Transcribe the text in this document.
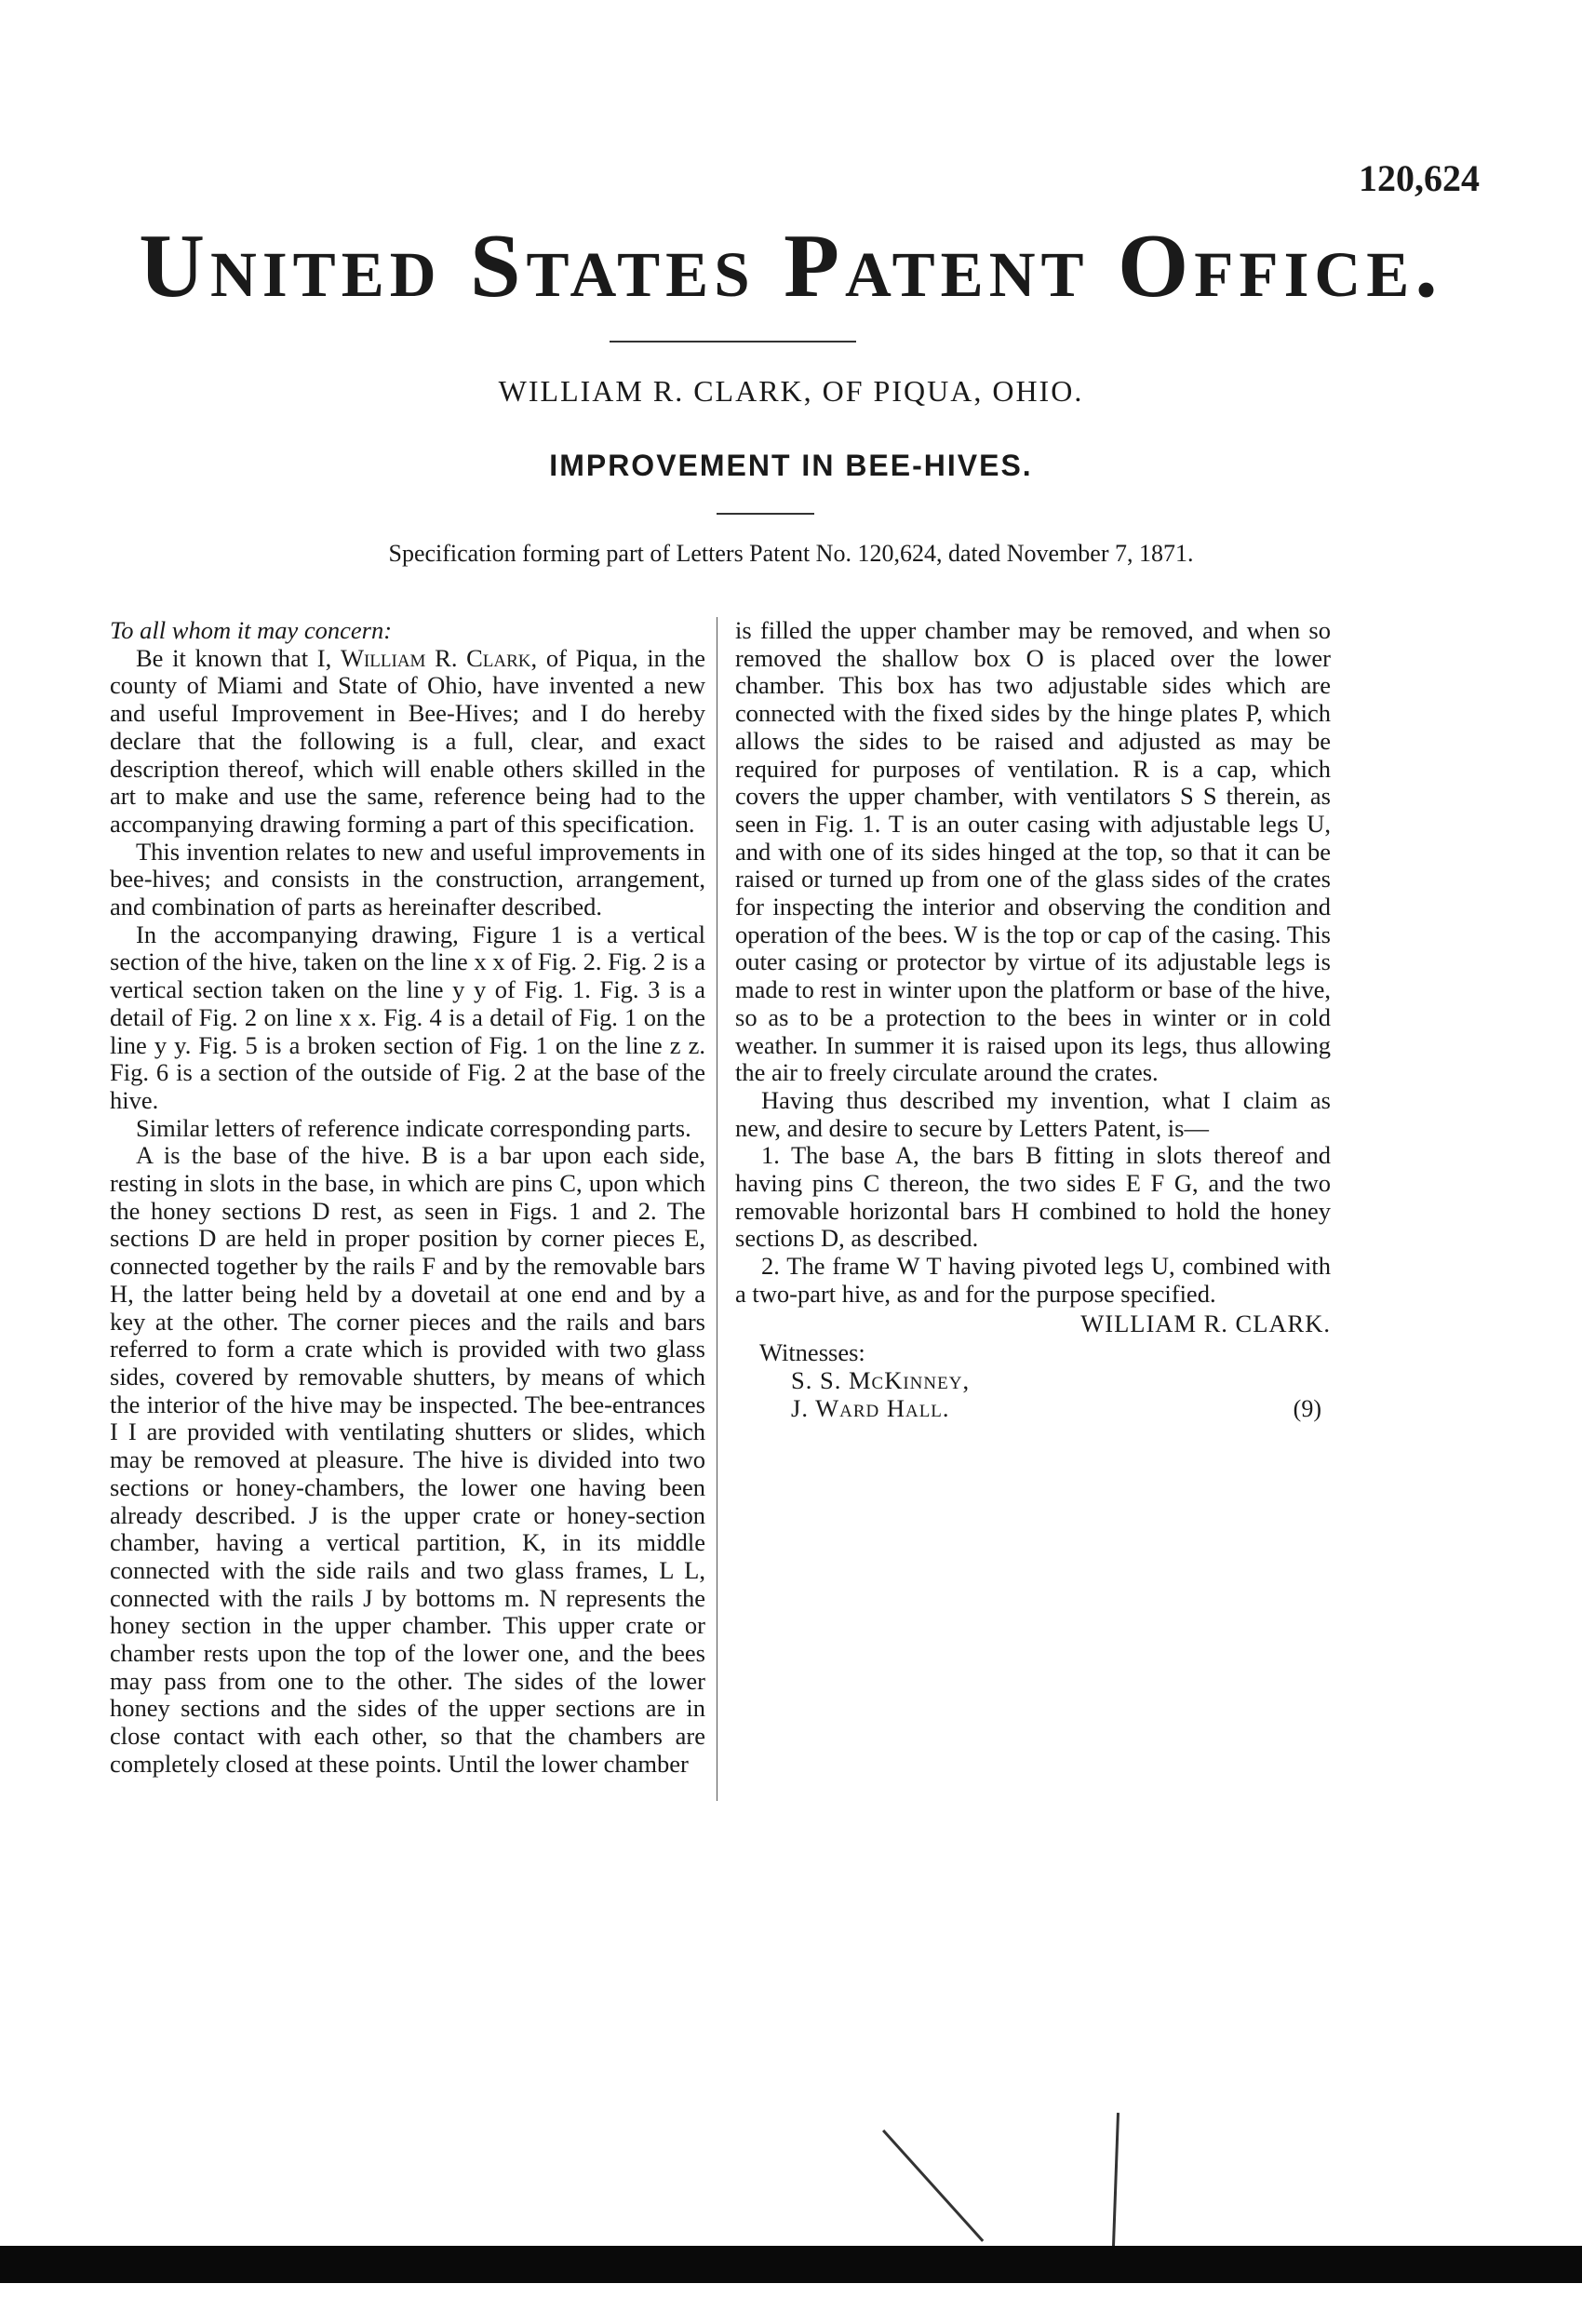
120,624
United States Patent Office.
WILLIAM R. CLARK, OF PIQUA, OHIO.
IMPROVEMENT IN BEE-HIVES.
Specification forming part of Letters Patent No. 120,624, dated November 7, 1871.

To all whom it may concern:

Be it known that I, William R. Clark, of Piqua, in the county of Miami and State of Ohio, have invented a new and useful Improvement in Bee-Hives; and I do hereby declare that the following is a full, clear, and exact description thereof, which will enable others skilled in the art to make and use the same, reference being had to the accompanying drawing forming a part of this specification.

This invention relates to new and useful improvements in bee-hives; and consists in the construction, arrangement, and combination of parts as hereinafter described.

In the accompanying drawing, Figure 1 is a vertical section of the hive, taken on the line x x of Fig. 2. Fig. 2 is a vertical section taken on the line y y of Fig. 1. Fig. 3 is a detail of Fig. 2 on line x x. Fig. 4 is a detail of Fig. 1 on the line y y. Fig. 5 is a broken section of Fig. 1 on the line z z. Fig. 6 is a section of the outside of Fig. 2 at the base of the hive.

Similar letters of reference indicate corresponding parts.

A is the base of the hive. B is a bar upon each side, resting in slots in the base, in which are pins C, upon which the honey sections D rest, as seen in Figs. 1 and 2. The sections D are held in proper position by corner pieces E, connected together by the rails F and by the removable bars H, the latter being held by a dovetail at one end and by a key at the other. The corner pieces and the rails and bars referred to form a crate which is provided with two glass sides, covered by removable shutters, by means of which the interior of the hive may be inspected. The bee-entrances I I are provided with ventilating shutters or slides, which may be removed at pleasure. The hive is divided into two sections or honey-chambers, the lower one having been already described. J is the upper crate or honey-section chamber, having a vertical partition, K, in its middle connected with the side rails and two glass frames, L L, connected with the rails J by bottoms m. N represents the honey section in the upper chamber. This upper crate or chamber rests upon the top of the lower one, and the bees may pass from one to the other. The sides of the lower honey sections and the sides of the upper sections are in close contact with each other, so that the chambers are completely closed at these points. Until the lower chamber

is filled the upper chamber may be removed, and when so removed the shallow box O is placed over the lower chamber. This box has two adjustable sides which are connected with the fixed sides by the hinge plates P, which allows the sides to be raised and adjusted as may be required for purposes of ventilation. R is a cap, which covers the upper chamber, with ventilators S S therein, as seen in Fig. 1. T is an outer casing with adjustable legs U, and with one of its sides hinged at the top, so that it can be raised or turned up from one of the glass sides of the crates for inspecting the interior and observing the condition and operation of the bees. W is the top or cap of the casing. This outer casing or protector by virtue of its adjustable legs is made to rest in winter upon the platform or base of the hive, so as to be a protection to the bees in winter or in cold weather. In summer it is raised upon its legs, thus allowing the air to freely circulate around the crates.

Having thus described my invention, what I claim as new, and desire to secure by Letters Patent, is—

1. The base A, the bars B fitting in slots thereof and having pins C thereon, the two sides E F G, and the two removable horizontal bars H combined to hold the honey sections D, as described.

2. The frame W T having pivoted legs U, combined with a two-part hive, as and for the purpose specified.

WILLIAM R. CLARK.
Witnesses:
S. S. McKinney,
J. Ward Hall.	(9)
